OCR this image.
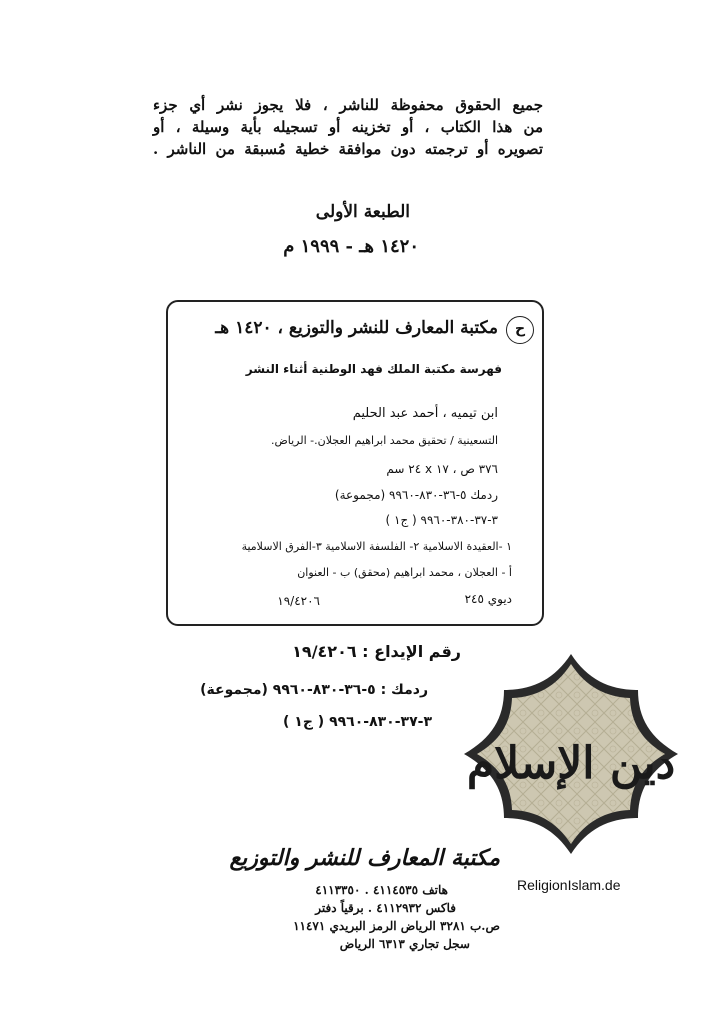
جميع الحقوق محفوظة للناشر ، فلا يجوز نشر أي جزء
من هذا الكتاب ، أو تخزينه أو تسجيله بأية وسيلة ، أو
تصويره أو ترجمته دون موافقة خطية مُسبقة من الناشر .
الطبعة الأولى
١٤٢٠ هـ - ١٩٩٩ م
ح
مكتبة المعارف للنشر والتوزيع ، ١٤٢٠ هـ
فهرسة مكتبة الملك فهد الوطنية أثناء النشر
ابن تيميه ، أحمد عبد الحليم
التسعينية / تحقيق محمد ابراهيم العجلان.- الرياض.
٣٧٦ ص ، ١٧ x ٢٤ سم
ردمك ٥-٣٦-٨٣٠-٩٩٦٠ (مجموعة)
٣-٣٧-٣٨٠-٩٩٦٠ ( ج١ )
١ -العقيدة الاسلامية ٢- الفلسفة الاسلامية ٣-الفرق الاسلامية
أ - العجلان ، محمد ابراهيم (محقق) ب - العنوان
ديوي ٢٤٥
١٩/٤٢٠٦
رقم الإيداع : ١٩/٤٢٠٦
ردمك : ٥-٣٦-٨٣٠-٩٩٦٠ (مجموعة)
٣-٣٧-٨٣٠-٩٩٦٠ ( ج١ )
دين الإسلام
ReligionIslam.de
مكتبة المعارف للنشر والتوزيع
هاتف ٤١١٤٥٣٥ . ٤١١٣٣٥٠
فاكس ٤١١٢٩٣٢ . برقياً دفتر
ص.ب ٣٢٨١ الرياض الرمز البريدي ١١٤٧١
سجل تجاري ٦٣١٣ الرياض
